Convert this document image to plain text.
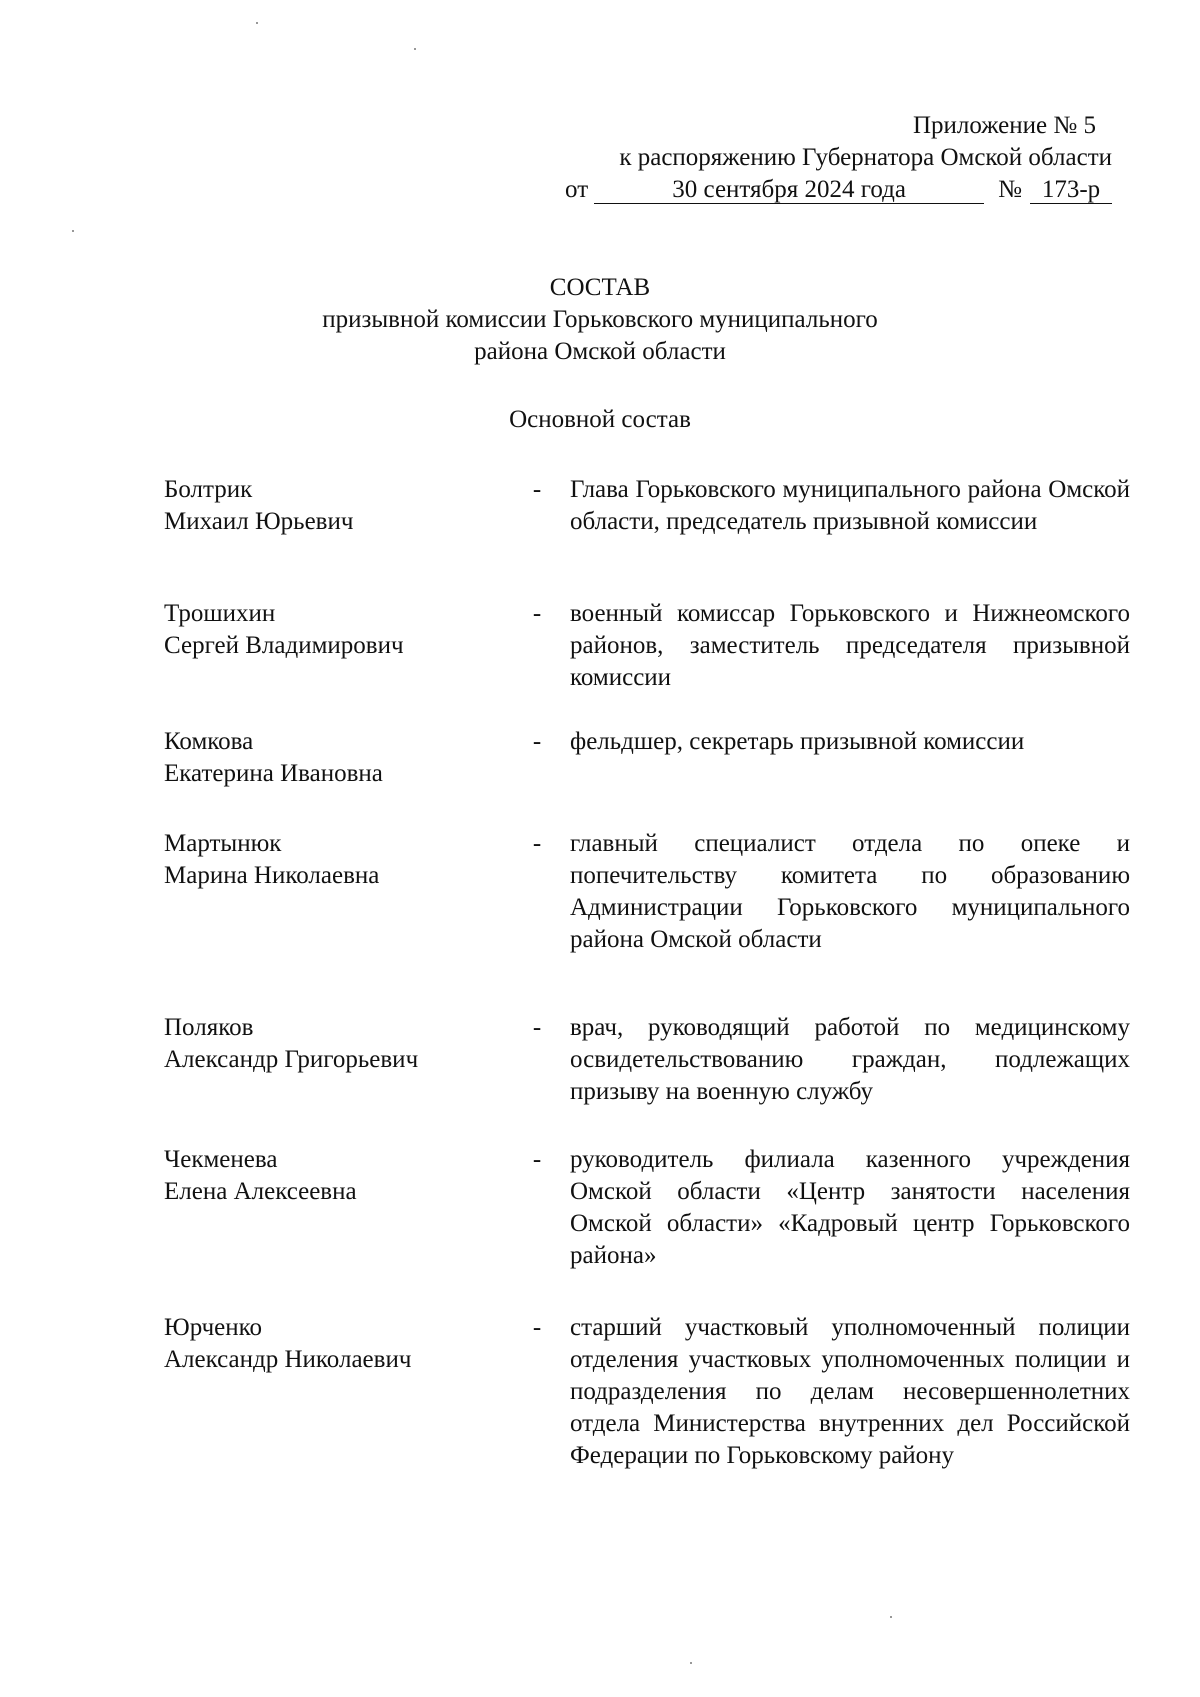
Приложение № 5
к распоряжению Губернатора Омской области
от	30 сентября 2024 года	№ 173-р
СОСТАВ
призывной комиссии Горьковского муниципального
района Омской области
Основной состав
Болтрик
Михаил Юрьевич
-	Глава Горьковского муниципального района Омской области, председатель призывной комиссии
Трошихин
Сергей Владимирович
-	военный комиссар Горьковского и Нижнеомского районов, заместитель председателя призывной комиссии
Комкова
Екатерина Ивановна
-	фельдшер, секретарь призывной комиссии
Мартынюк
Марина Николаевна
-	главный специалист отдела по опеке и попечительству комитета по образованию Администрации Горьковского муниципального района Омской области
Поляков
Александр Григорьевич
-	врач, руководящий работой по медицинскому освидетельствованию граждан, подлежащих призыву на военную службу
Чекменева
Елена Алексеевна
-	руководитель филиала казенного учреждения Омской области «Центр занятости населения Омской области» «Кадровый центр Горьковского района»
Юрченко
Александр Николаевич
-	старший участковый уполномоченный полиции отделения участковых уполномоченных полиции и подразделения по делам несовершеннолетних отдела Министерства внутренних дел Российской Федерации по Горьковскому району
